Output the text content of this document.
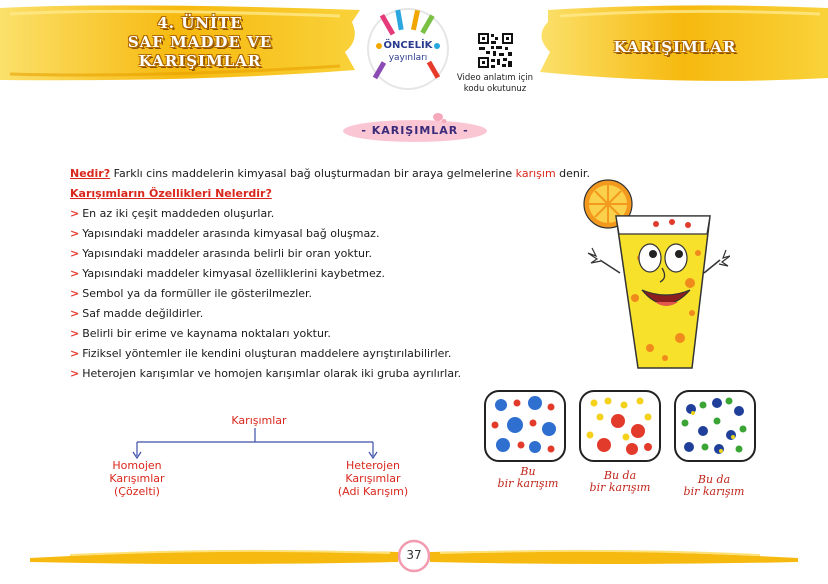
4. ÜNİTE
SAF MADDE VE
KARIŞIMLAR
KARIŞIMLAR
ÖNCELİK
yayınları
Video anlatım için
kodu okutunuz
- KARIŞIMLAR -
Nedir? Farklı cins maddelerin kimyasal bağ oluşturmadan bir araya gelmelerine karışım denir.
Karışımların Özellikleri Nelerdir?
> En az iki çeşit maddeden oluşurlar.
> Yapısındaki maddeler arasında kimyasal bağ oluşmaz.
> Yapısındaki maddeler arasında belirli bir oran yoktur.
> Yapısındaki maddeler kimyasal özelliklerini kaybetmez.
> Sembol ya da formüller ile gösterilmezler.
> Saf madde değildirler.
> Belirli bir erime ve kaynama noktaları yoktur.
> Fiziksel yöntemler ile kendini oluşturan maddelere ayrıştırılabilirler.
> Heterojen karışımlar ve homojen karışımlar olarak iki gruba ayrılırlar.
Karışımlar
Homojen
Karışımlar
(Çözelti)
Heterojen
Karışımlar
(Adi Karışım)
Bu
bir karışım
Bu da
bir karışım
Bu da
bir karışım
37
